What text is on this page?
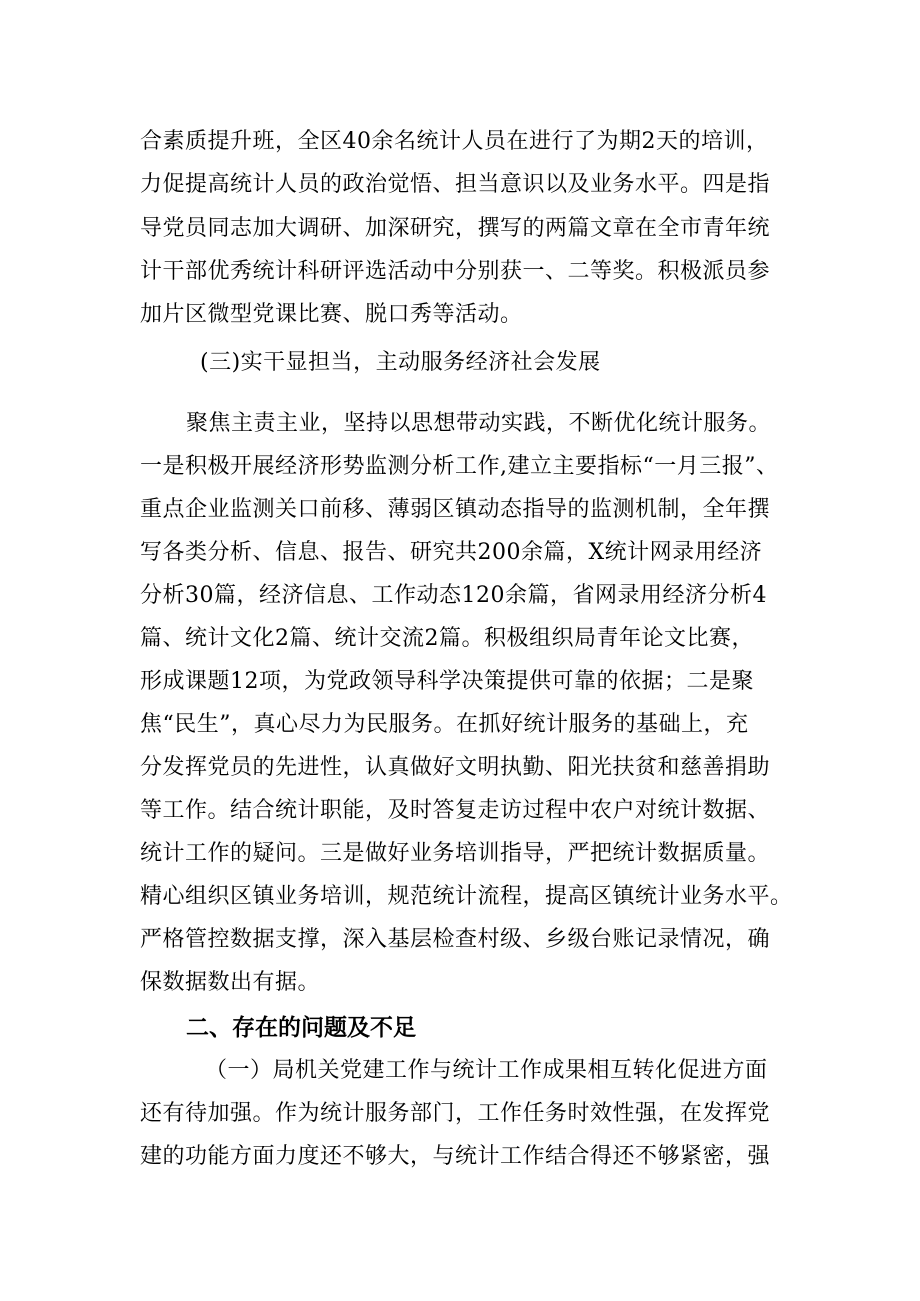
合素质提升班，全区40余名统计人员在进行了为期2天的培训，
力促提高统计人员的政治觉悟、担当意识以及业务水平。四是指
导党员同志加大调研、加深研究，撰写的两篇文章在全市青年统
计干部优秀统计科研评选活动中分别获一、二等奖。积极派员参
加片区微型党课比赛、脱口秀等活动。
(三)实干显担当，主动服务经济社会发展
聚焦主责主业，坚持以思想带动实践，不断优化统计服务。
一是积极开展经济形势监测分析工作,建立主要指标“一月三报”、
重点企业监测关口前移、薄弱区镇动态指导的监测机制，全年撰
写各类分析、信息、报告、研究共200余篇，X统计网录用经济
分析30篇，经济信息、工作动态120余篇，省网录用经济分析4
篇、统计文化2篇、统计交流2篇。积极组织局青年论文比赛，
形成课题12项，为党政领导科学决策提供可靠的依据；二是聚
焦“民生”，真心尽力为民服务。在抓好统计服务的基础上，充
分发挥党员的先进性，认真做好文明执勤、阳光扶贫和慈善捐助
等工作。结合统计职能，及时答复走访过程中农户对统计数据、
统计工作的疑问。三是做好业务培训指导，严把统计数据质量。
精心组织区镇业务培训，规范统计流程，提高区镇统计业务水平。
严格管控数据支撑，深入基层检查村级、乡级台账记录情况，确
保数据数出有据。
二、存在的问题及不足
（一）局机关党建工作与统计工作成果相互转化促进方面
还有待加强。作为统计服务部门，工作任务时效性强，在发挥党
建的功能方面力度还不够大，与统计工作结合得还不够紧密，强
